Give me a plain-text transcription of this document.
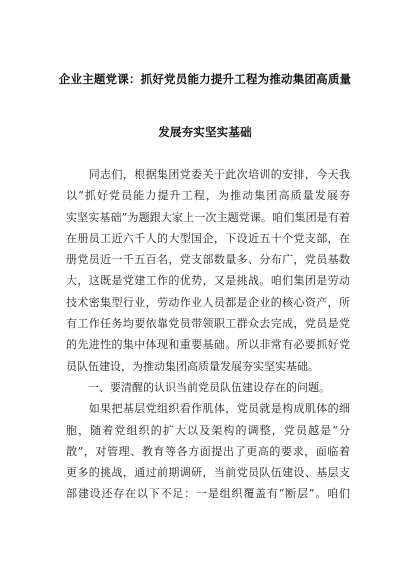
企业主题党课：抓好党员能力提升工程为推动集团高质量
发展夯实坚实基础
　　同志们，根据集团党委关于此次培训的安排，今天我
以“抓好党员能力提升工程，为推动集团高质量发展夯
实坚实基础”为题跟大家上一次主题党课。咱们集团是有着
在册员工近六千人的大型国企，下设近五十个党支部，在
册党员近一千五百名，党支部数量多、分布广，党员基数
大，这既是党建工作的优势，又是挑战。咱们集团是劳动
技术密集型行业，劳动作业人员都是企业的核心资产，所
有工作任务均要依靠党员带领职工群众去完成，党员是党
的先进性的集中体现和重要基础。所以非常有必要抓好党
员队伍建设，为推动集团高质量发展夯实坚实基础。
　　一、要清醒的认识当前党员队伍建设存在的问题。
　　如果把基层党组织看作肌体，党员就是构成肌体的细
胞，随着党组织的扩大以及架构的调整，党员越是“分
散”，对管理、教育等各方面提出了更高的要求，面临着
更多的挑战，通过前期调研，当前党员队伍建设、基层支
部建设还存在以下不足：一是组织覆盖有“断层”。咱们
